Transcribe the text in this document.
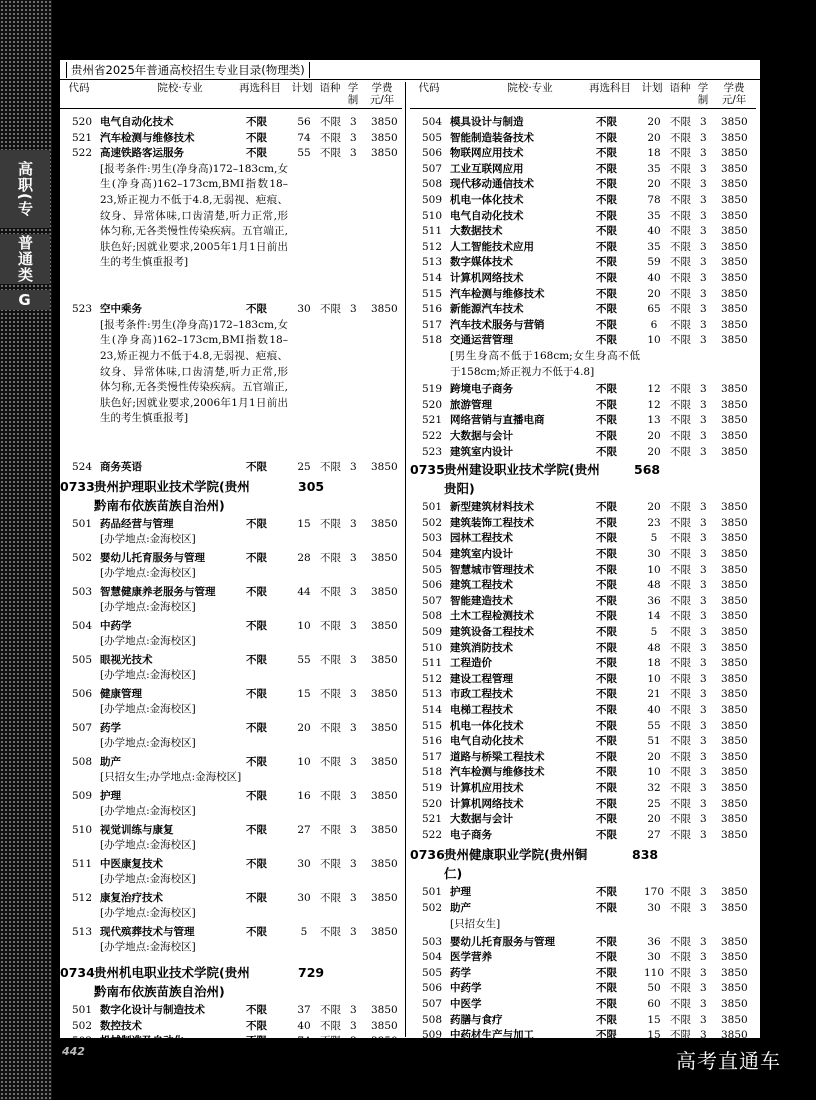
高职(专
普通类
G
贵州省2025年普通高校招生专业目录(物理类)
代码	院校·专业	再选科目	计划 语种 学
制
学费
元/年
代码	院校·专业	再选科目	计划 语种 学
制
学费
元/年
520 电气自动化技术	不限	56 不限 3 3850
521 汽车检测与维修技术	不限	74 不限 3 3850
522 高速铁路客运服务	不限	55 不限 3 3850
[报考条件:男生(净身高)172–183cm,女生(净身高)162–173cm,BMI指数18–23,矫正视力不低于4.8,无弱视、疤痕、纹身、异常体味,口齿清楚,听力正常,形体匀称,无各类慢性传染疾病。五官端正,肤色好;因就业要求,2005年1月1日前出生的考生慎重报考]
523 空中乘务	不限	30 不限 3 3850
[报考条件:男生(净身高)172–183cm,女生(净身高)162–173cm,BMI指数18–23,矫正视力不低于4.8,无弱视、疤痕、纹身、异常体味,口齿清楚,听力正常,形体匀称,无各类慢性传染疾病。五官端正,肤色好;因就业要求,2006年1月1日前出生的考生慎重报考]
524 商务英语	不限	25 不限 3 3850
0733 贵州护理职业技术学院(贵州	305
黔南布依族苗族自治州)
501 药品经营与管理	不限	15 不限 3 3850
[办学地点:金海校区]
502 婴幼儿托育服务与管理	不限	28 不限 3 3850
[办学地点:金海校区]
503 智慧健康养老服务与管理	不限	44 不限 3 3850
[办学地点:金海校区]
504 中药学	不限	10 不限 3 3850
[办学地点:金海校区]
505 眼视光技术	不限	55 不限 3 3850
[办学地点:金海校区]
506 健康管理	不限	15 不限 3 3850
[办学地点:金海校区]
507 药学	不限	20 不限 3 3850
[办学地点:金海校区]
508 助产	不限	10 不限 3 3850
[只招女生;办学地点:金海校区]
509 护理	不限	16 不限 3 3850
[办学地点:金海校区]
510 视觉训练与康复	不限	27 不限 3 3850
[办学地点:金海校区]
511 中医康复技术	不限	30 不限 3 3850
[办学地点:金海校区]
512 康复治疗技术	不限	30 不限 3 3850
[办学地点:金海校区]
513 现代殡葬技术与管理	不限	5	不限 3 3850
[办学地点:金海校区]
0734 贵州机电职业技术学院(贵州	729
黔南布依族苗族自治州)
501 数字化设计与制造技术	不限	37 不限 3 3850
502 数控技术	不限	40 不限 3 3850
503 机械制造及自动化	不限	74 不限 3 3850
504 模具设计与制造	不限	20 不限 3 3850
505 智能制造装备技术	不限	20 不限 3 3850
506 物联网应用技术	不限	18 不限 3 3850
507 工业互联网应用	不限	35 不限 3 3850
508 现代移动通信技术	不限	20 不限 3 3850
509 机电一体化技术	不限	78 不限 3 3850
510 电气自动化技术	不限	35 不限 3 3850
511 大数据技术	不限	40 不限 3 3850
512 人工智能技术应用	不限	35 不限 3 3850
513 数字媒体技术	不限	59 不限 3 3850
514 计算机网络技术	不限	40 不限 3 3850
515 汽车检测与维修技术	不限	20 不限 3 3850
516 新能源汽车技术	不限	65 不限 3 3850
517 汽车技术服务与营销	不限	6	不限 3 3850
518 交通运营管理	不限	10 不限 3 3850
[男生身高不低于168cm;女生身高不低于158cm;矫正视力不低于4.8]
519 跨境电子商务	不限	12 不限 3 3850
520 旅游管理	不限	12 不限 3 3850
521 网络营销与直播电商	不限	13 不限 3 3850
522 大数据与会计	不限	20 不限 3 3850
523 建筑室内设计	不限	20 不限 3 3850
0735 贵州建设职业技术学院(贵州	568
贵阳)
501 新型建筑材料技术	不限	20 不限 3 3850
502 建筑装饰工程技术	不限	23 不限 3 3850
503 园林工程技术	不限	5	不限 3 3850
504 建筑室内设计	不限	30 不限 3 3850
505 智慧城市管理技术	不限	10 不限 3 3850
506 建筑工程技术	不限	48 不限 3 3850
507 智能建造技术	不限	36 不限 3 3850
508 土木工程检测技术	不限	14 不限 3 3850
509 建筑设备工程技术	不限	5	不限 3 3850
510 建筑消防技术	不限	48 不限 3 3850
511 工程造价	不限	18 不限 3 3850
512 建设工程管理	不限	10 不限 3 3850
513 市政工程技术	不限	21 不限 3 3850
514 电梯工程技术	不限	40 不限 3 3850
515 机电一体化技术	不限	55 不限 3 3850
516 电气自动化技术	不限	51 不限 3 3850
517 道路与桥梁工程技术	不限	20 不限 3 3850
518 汽车检测与维修技术	不限	10 不限 3 3850
519 计算机应用技术	不限	32 不限 3 3850
520 计算机网络技术	不限	25 不限 3 3850
521 大数据与会计	不限	20 不限 3 3850
522 电子商务	不限	27 不限 3 3850
0736 贵州健康职业学院(贵州铜	838
仁)
501 护理	不限	170 不限 3 3850
502 助产	不限	30 不限 3 3850
[只招女生]
503 婴幼儿托育服务与管理	不限	36 不限 3 3850
504 医学营养	不限	30 不限 3 3850
505 药学	不限	110 不限 3 3850
506 中药学	不限	50 不限 3 3850
507 中医学	不限	60 不限 3 3850
508 药膳与食疗	不限	15 不限 3 3850
509 中药材生产与加工	不限	15 不限 3 3850
442	高考直通车
